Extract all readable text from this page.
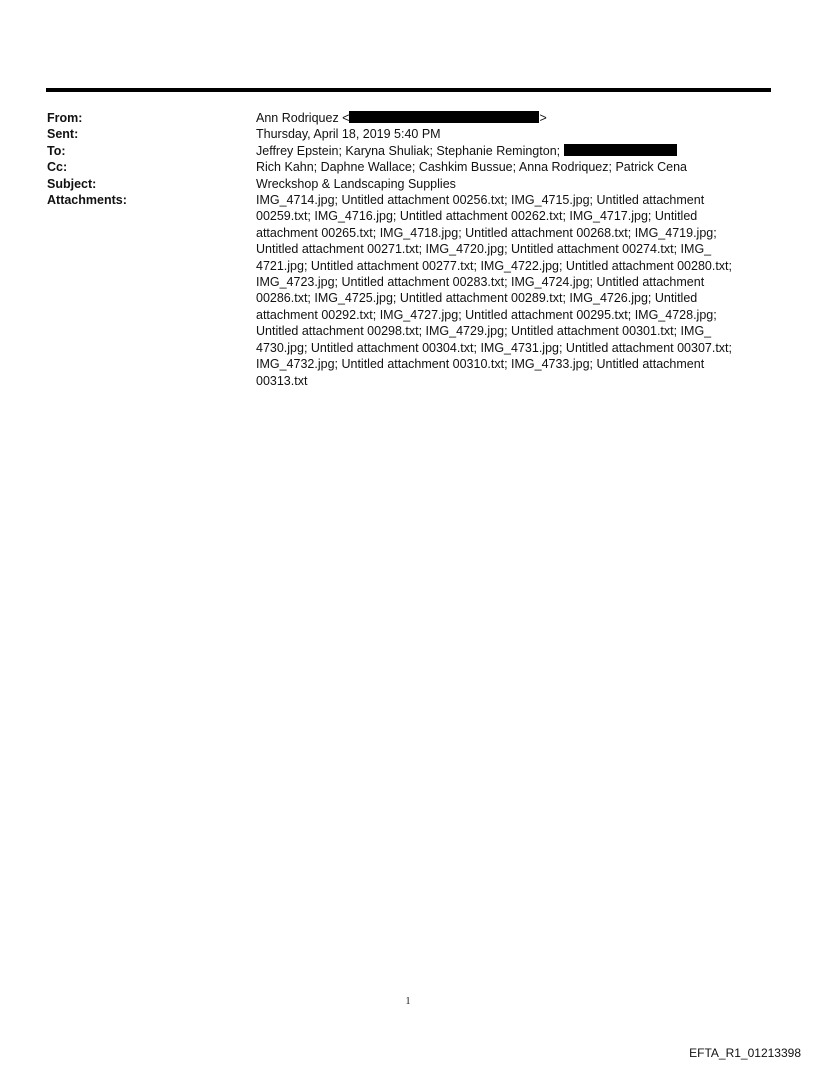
From:	Ann Rodriquez <	>
Sent:	Thursday, April 18, 2019 5:40 PM
To:	Jeffrey Epstein; Karyna Shuliak; Stephanie Remington;
Cc:	Rich Kahn; Daphne Wallace; Cashkim Bussue; Anna Rodriquez; Patrick Cena
Subject:	Wreckshop & Landscaping Supplies
Attachments:	IMG_4714.jpg; Untitled attachment 00256.txt; IMG_4715.jpg; Untitled attachment
00259.txt; IMG_4716.jpg; Untitled attachment 00262.txt; IMG_4717.jpg; Untitled
attachment 00265.txt; IMG_4718.jpg; Untitled attachment 00268.txt; IMG_4719.jpg;
Untitled attachment 00271.txt; IMG_4720.jpg; Untitled attachment 00274.txt; IMG_
4721.jpg; Untitled attachment 00277.txt; IMG_4722.jpg; Untitled attachment 00280.txt;
IMG_4723.jpg; Untitled attachment 00283.txt; IMG_4724.jpg; Untitled attachment
00286.txt; IMG_4725.jpg; Untitled attachment 00289.txt; IMG_4726.jpg; Untitled
attachment 00292.txt; IMG_4727.jpg; Untitled attachment 00295.txt; IMG_4728.jpg;
Untitled attachment 00298.txt; IMG_4729.jpg; Untitled attachment 00301.txt; IMG_
4730.jpg; Untitled attachment 00304.txt; IMG_4731.jpg; Untitled attachment 00307.txt;
IMG_4732.jpg; Untitled attachment 00310.txt; IMG_4733.jpg; Untitled attachment
00313.txt
1
EFTA_R1_01213398
